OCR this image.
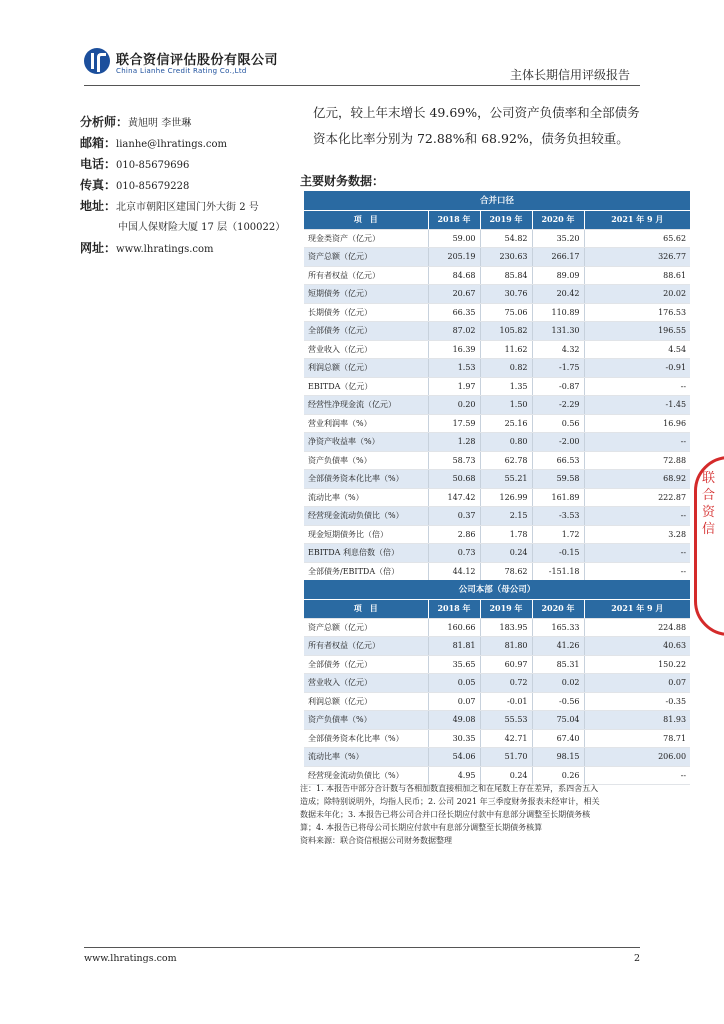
联合资信评估股份有限公司
China Lianhe Credit Rating Co.,Ltd	主体长期信用评级报告
分析师：黄旭明 李世琳
邮箱：lianhe@lhratings.com
电话：010-85679696
传真：010-85679228
地址：北京市朝阳区建国门外大街 2 号
中国人保财险大厦 17 层（100022）
网址：www.lhratings.com
亿元，较上年末增长 49.69%，公司资产负债率和全部债务
资本化比率分别为 72.88%和 68.92%，债务负担较重。
主要财务数据：
合并口径				
项　目	2018 年	2019 年	2020 年	2021 年 9 月
现金类资产（亿元）	59.00	54.82	35.20	65.62
资产总额（亿元）	205.19	230.63	266.17	326.77
所有者权益（亿元）	84.68	85.84	89.09	88.61
短期债务（亿元）	20.67	30.76	20.42	20.02
长期债务（亿元）	66.35	75.06	110.89	176.53
全部债务（亿元）	87.02	105.82	131.30	196.55
营业收入（亿元）	16.39	11.62	4.32	4.54
利润总额（亿元）	1.53	0.82	-1.75	-0.91
EBITDA（亿元）	1.97	1.35	-0.87	--
经营性净现金流（亿元）	0.20	1.50	-2.29	-1.45
营业利润率（%）	17.59	25.16	0.56	16.96
净资产收益率（%）	1.28	0.80	-2.00	--
资产负债率（%）	58.73	62.78	66.53	72.88
全部债务资本化比率（%）	50.68	55.21	59.58	68.92
流动比率（%）	147.42	126.99	161.89	222.87
经营现金流动负债比（%）	0.37	2.15	-3.53	--
现金短期债务比（倍）	2.86	1.78	1.72	3.28
EBITDA 利息倍数（倍）	0.73	0.24	-0.15	--
全部债务/EBITDA（倍）	44.12	78.62	-151.18	--
公司本部（母公司）				
项　目	2018 年	2019 年	2020 年	2021 年 9 月
资产总额（亿元）	160.66	183.95	165.33	224.88
所有者权益（亿元）	81.81	81.80	41.26	40.63
全部债务（亿元）	35.65	60.97	85.31	150.22
营业收入（亿元）	0.05	0.72	0.02	0.07
利润总额（亿元）	0.07	-0.01	-0.56	-0.35
资产负债率（%）	49.08	55.53	75.04	81.93
全部债务资本化比率（%）	30.35	42.71	67.40	78.71
流动比率（%）	54.06	51.70	98.15	206.00
经营现金流动负债比（%）	4.95	0.24	0.26	--
注：1. 本报告中部分合计数与各相加数直接相加之和在尾数上存在差异，系四舍五入
造成；除特别说明外，均指人民币；2. 公司 2021 年三季度财务报表未经审计，相关
数据未年化；3. 本报告已将公司合并口径长期应付款中有息部分调整至长期债务核
算；4. 本报告已将母公司长期应付款中有息部分调整至长期债务核算
资料来源：联合资信根据公司财务数据整理
联合资信
www.lhratings.com	2
